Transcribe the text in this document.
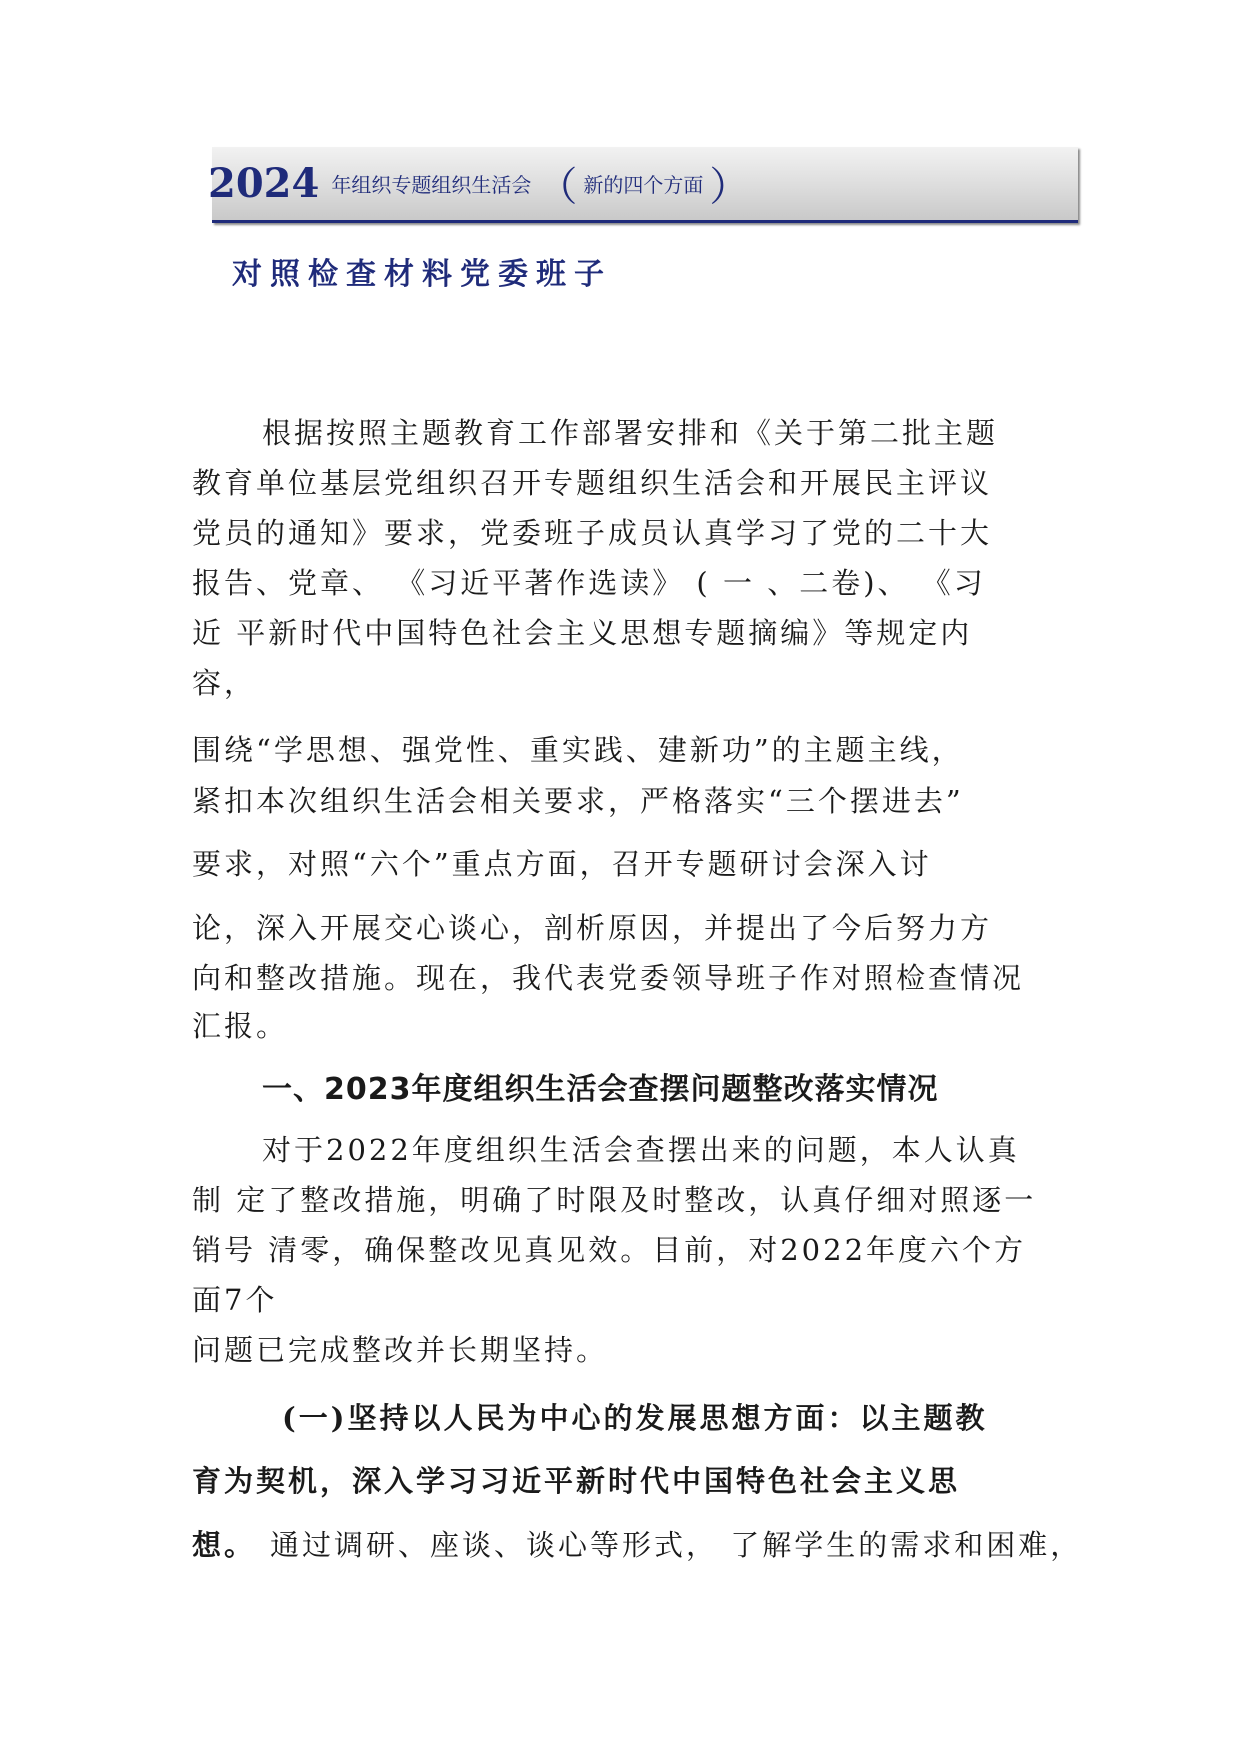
2024 年组织专题组织生活会 （ 新的四个方面 ）
对照检查材料党委班子
根据按照主题教育工作部署安排和《关于第二批主题
教育单位基层党组织召开专题组织生活会和开展民主评议
党员的通知》要求，党委班子成员认真学习了党的二十大
报告、党章、 《习近平著作选读》 ( 一 、二卷)、 《习
近 平新时代中国特色社会主义思想专题摘编》等规定内
容，
围绕“学思想、强党性、重实践、建新功”的主题主线，
紧扣本次组织生活会相关要求，严格落实“三个摆进去”
要求，对照“六个”重点方面，召开专题研讨会深入讨
论，深入开展交心谈心，剖析原因，并提出了今后努力方
向和整改措施。现在，我代表党委领导班子作对照检查情况
汇报。
一、2023年度组织生活会查摆问题整改落实情况
对于2022年度组织生活会查摆出来的问题，本人认真
制 定了整改措施，明确了时限及时整改，认真仔细对照逐一
销号 清零，确保整改见真见效。目前，对2022年度六个方
面7个
问题已完成整改并长期坚持。
(一)坚持以人民为中心的发展思想方面：以主题教
育为契机，深入学习习近平新时代中国特色社会主义思
想。 通过调研、座谈、谈心等形式， 了解学生的需求和困难，
